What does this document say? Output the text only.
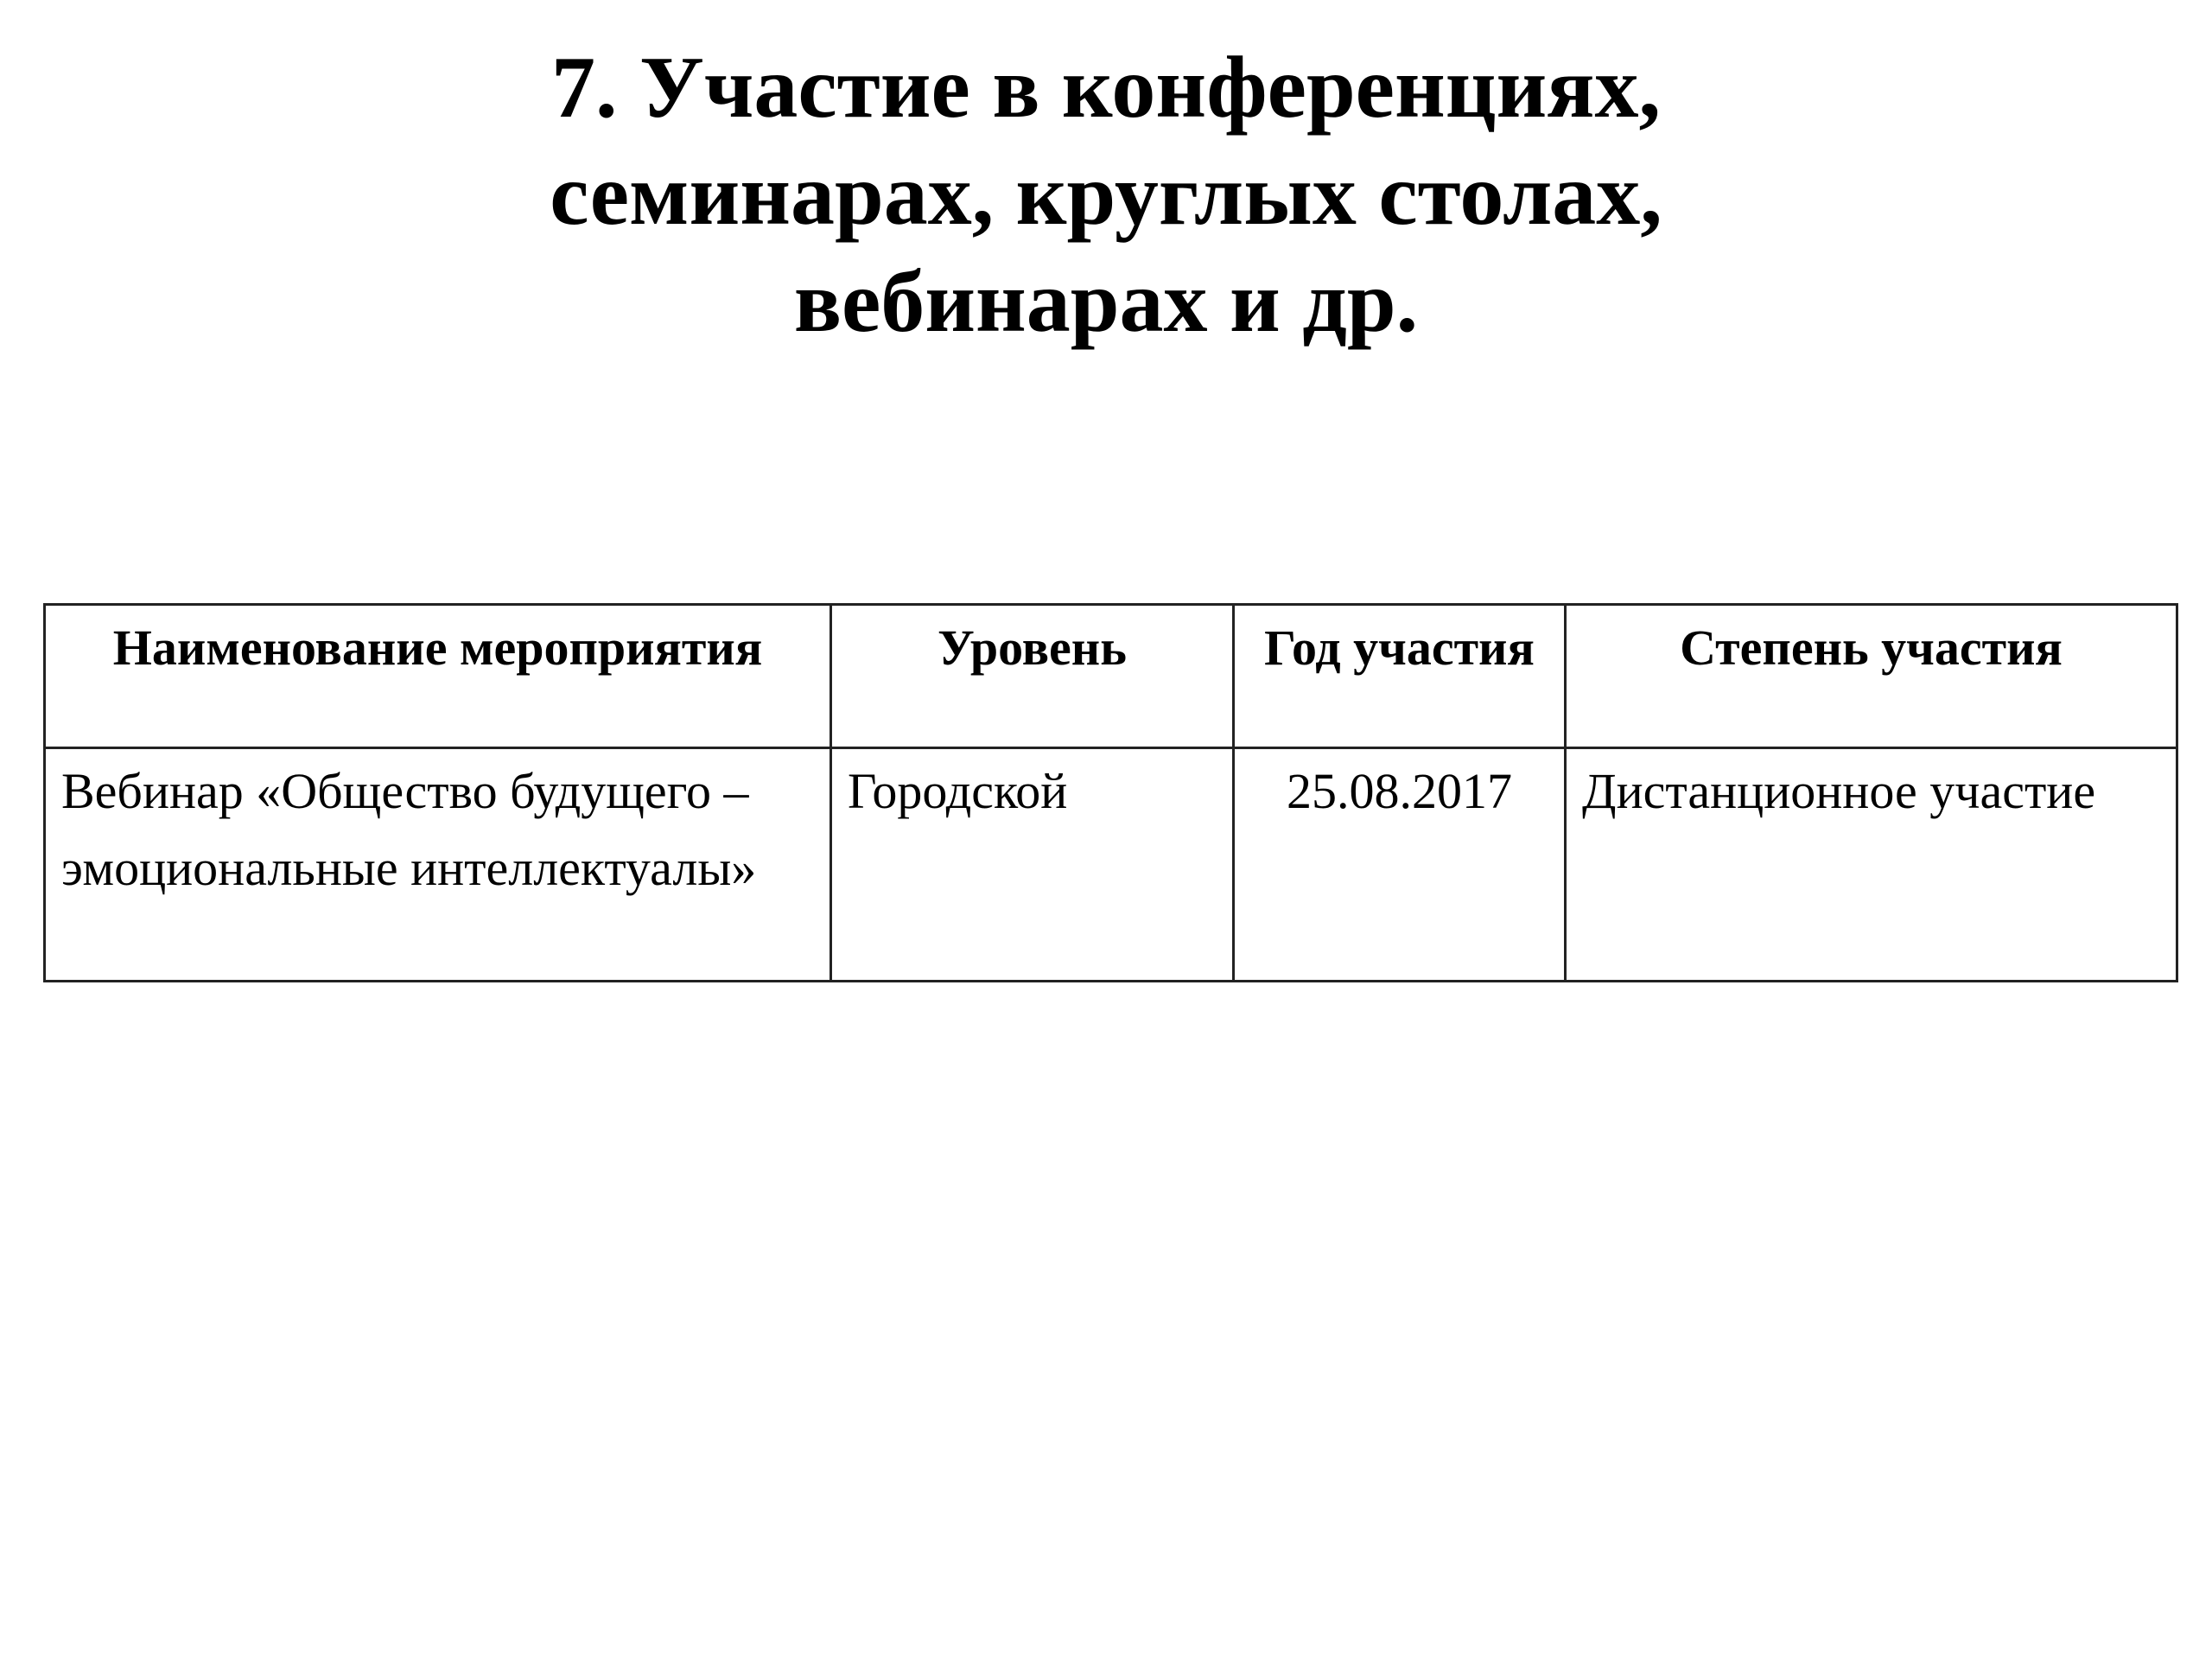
7. Участие в конференциях,
семинарах, круглых столах,
вебинарах и др.
Наименование мероприятия	Уровень	Год участия	Степень участия
Вебинар «Общество будущего – эмоциональные интеллектуалы»	Городской	25.08.2017	Дистанционное участие
